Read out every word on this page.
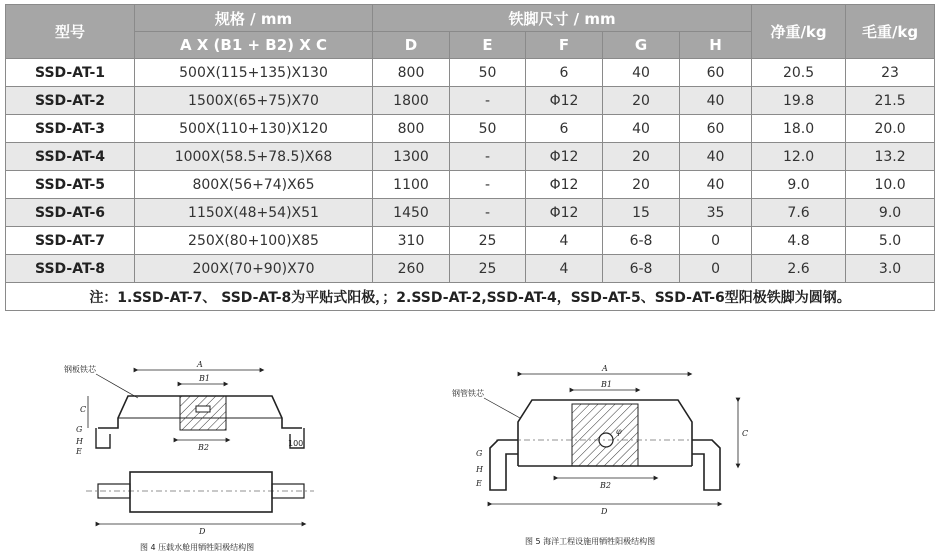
型号	规格 / mm	铁脚尺寸 / mm					净重/kg	毛重/kg
	A X (B1 + B2) X C	D	E	F	G	H		
SSD-AT-1	500X(115+135)X130	800	50	6	40	60	20.5	23
SSD-AT-2	1500X(65+75)X70	1800	-	Φ12	20	40	19.8	21.5
SSD-AT-3	500X(110+130)X120	800	50	6	40	60	18.0	20.0
SSD-AT-4	1000X(58.5+78.5)X68	1300	-	Φ12	20	40	12.0	13.2
SSD-AT-5	800X(56+74)X65	1100	-	Φ12	20	40	9.0	10.0
SSD-AT-6	1150X(48+54)X51	1450	-	Φ12	15	35	7.6	9.0
SSD-AT-7	250X(80+100)X85	310	25	4	6-8	0	4.8	5.0
SSD-AT-8	200X(70+90)X70	260	25	4	6-8	0	2.6	3.0
注：1.SSD-AT-7、 SSD-AT-8为平贴式阳极，；2.SSD-AT-2,SSD-AT-4，SSD-AT-5、SSD-AT-6型阳极铁脚为圆钢。								
A
B1
B2
C
G
H
E
100
钢板铁芯
D
图 4 压载水舱用牺牲阳极结构图
A
B1
B2
D
C
G
H
E
φ
钢管铁芯
图 5 海洋工程设施用牺牲阳极结构图
